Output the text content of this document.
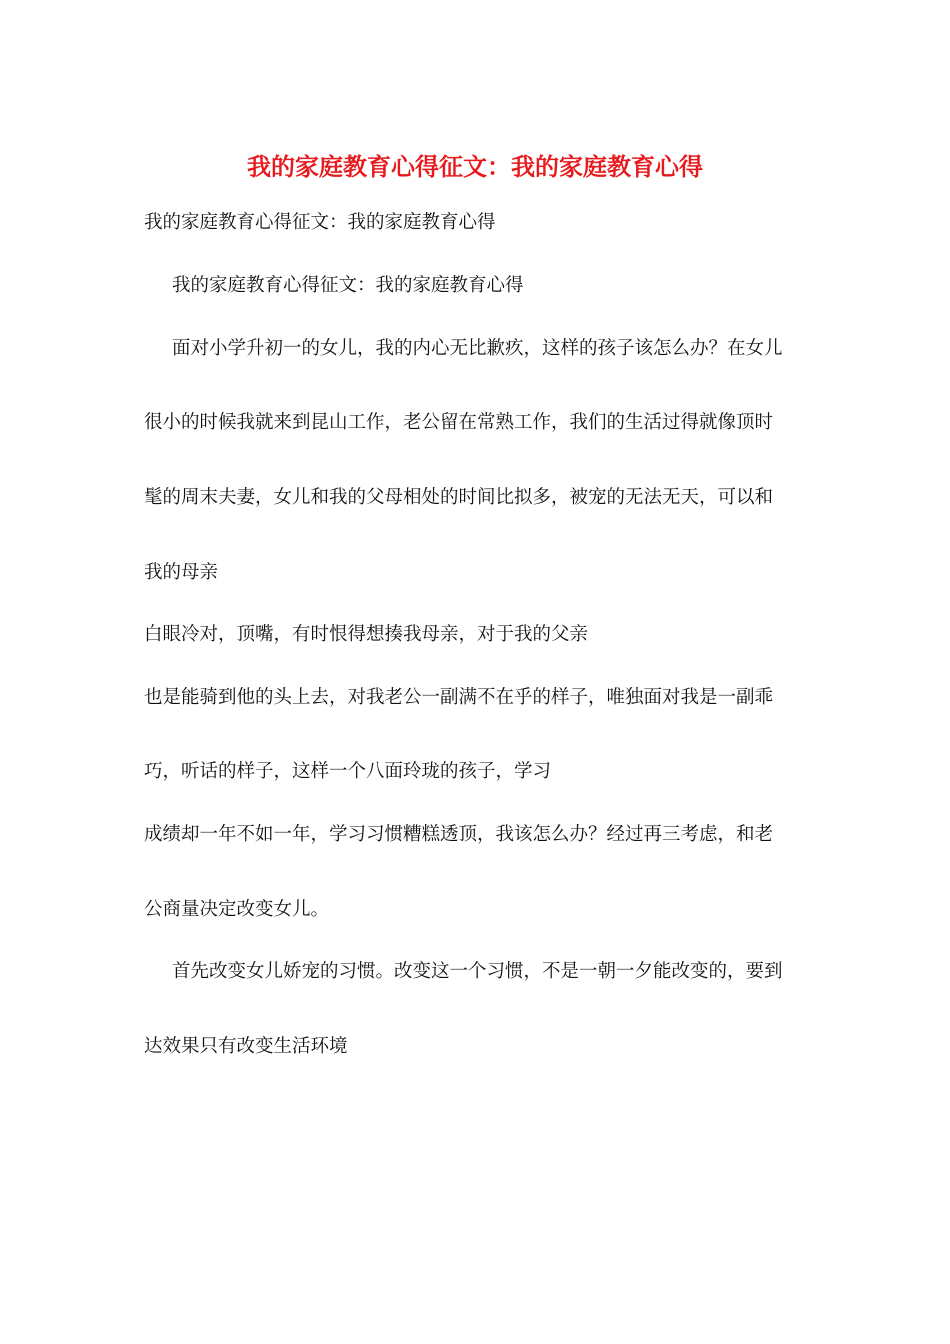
我的家庭教育心得征文：我的家庭教育心得
我的家庭教育心得征文：我的家庭教育心得
我的家庭教育心得征文：我的家庭教育心得
面对小学升初一的女儿，我的内心无比歉疚，这样的孩子该怎么办？在女儿
很小的时候我就来到昆山工作，老公留在常熟工作，我们的生活过得就像顶时
髦的周末夫妻，女儿和我的父母相处的时间比拟多，被宠的无法无天，可以和
我的母亲
白眼冷对，顶嘴，有时恨得想揍我母亲，对于我的父亲
也是能骑到他的头上去，对我老公一副满不在乎的样子，唯独面对我是一副乖
巧，听话的样子，这样一个八面玲珑的孩子，学习
成绩却一年不如一年，学习习惯糟糕透顶，我该怎么办？经过再三考虑，和老
公商量决定改变女儿。
首先改变女儿娇宠的习惯。改变这一个习惯，不是一朝一夕能改变的，要到
达效果只有改变生活环境
